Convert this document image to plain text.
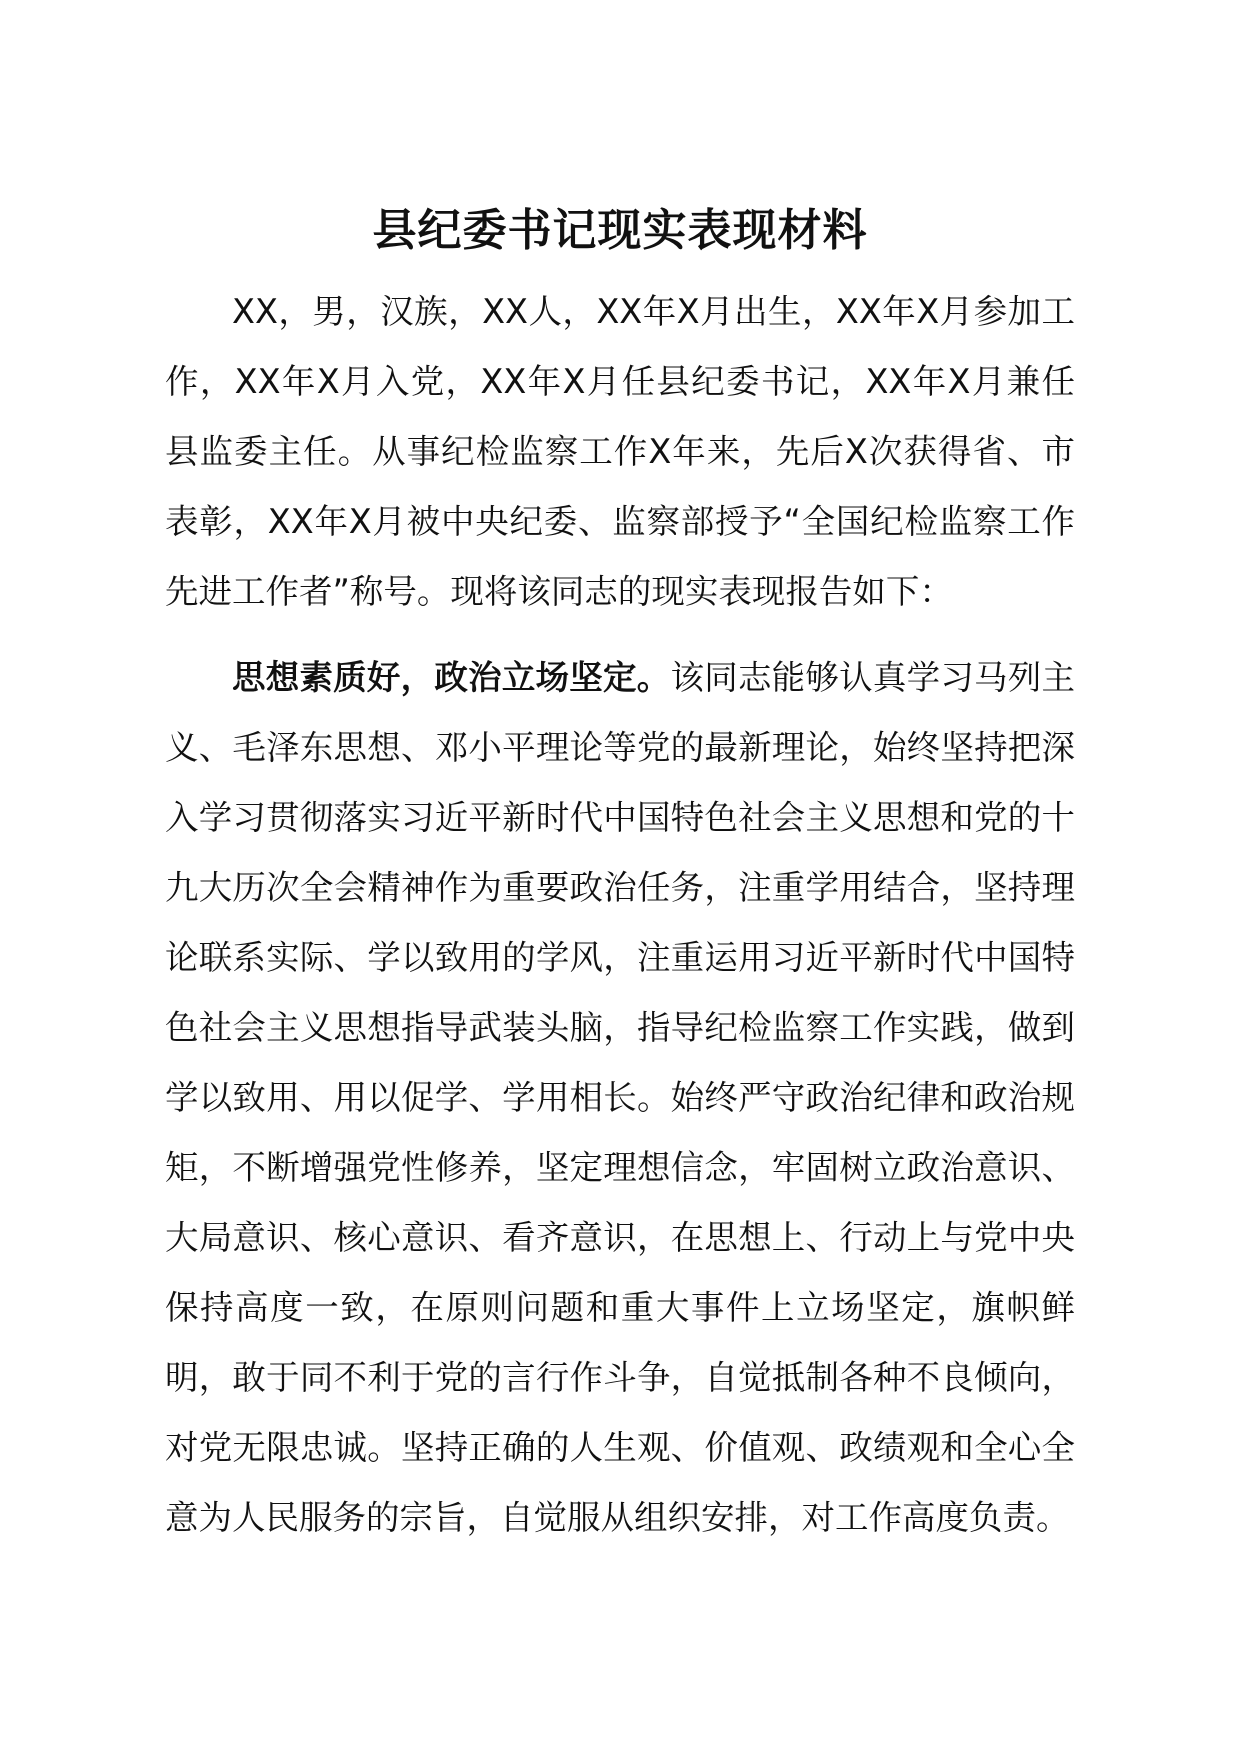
县纪委书记现实表现材料

XX，男，汉族，XX人，XX年X月出生，XX年X月参加工作，XX年X月入党，XX年X月任县纪委书记，XX年X月兼任县监委主任。从事纪检监察工作X年来，先后X次获得省、市表彰，XX年X月被中央纪委、监察部授予“全国纪检监察工作先进工作者”称号。现将该同志的现实表现报告如下：

思想素质好，政治立场坚定。该同志能够认真学习马列主义、毛泽东思想、邓小平理论等党的最新理论，始终坚持把深入学习贯彻落实习近平新时代中国特色社会主义思想和党的十九大历次全会精神作为重要政治任务，注重学用结合，坚持理论联系实际、学以致用的学风，注重运用习近平新时代中国特色社会主义思想指导武装头脑，指导纪检监察工作实践，做到学以致用、用以促学、学用相长。始终严守政治纪律和政治规矩，不断增强党性修养，坚定理想信念，牢固树立政治意识、大局意识、核心意识、看齐意识，在思想上、行动上与党中央保持高度一致，在原则问题和重大事件上立场坚定，旗帜鲜明，敢于同不利于党的言行作斗争，自觉抵制各种不良倾向，对党无限忠诚。坚持正确的人生观、价值观、政绩观和全心全意为人民服务的宗旨，自觉服从组织安排，对工作高度负责。
